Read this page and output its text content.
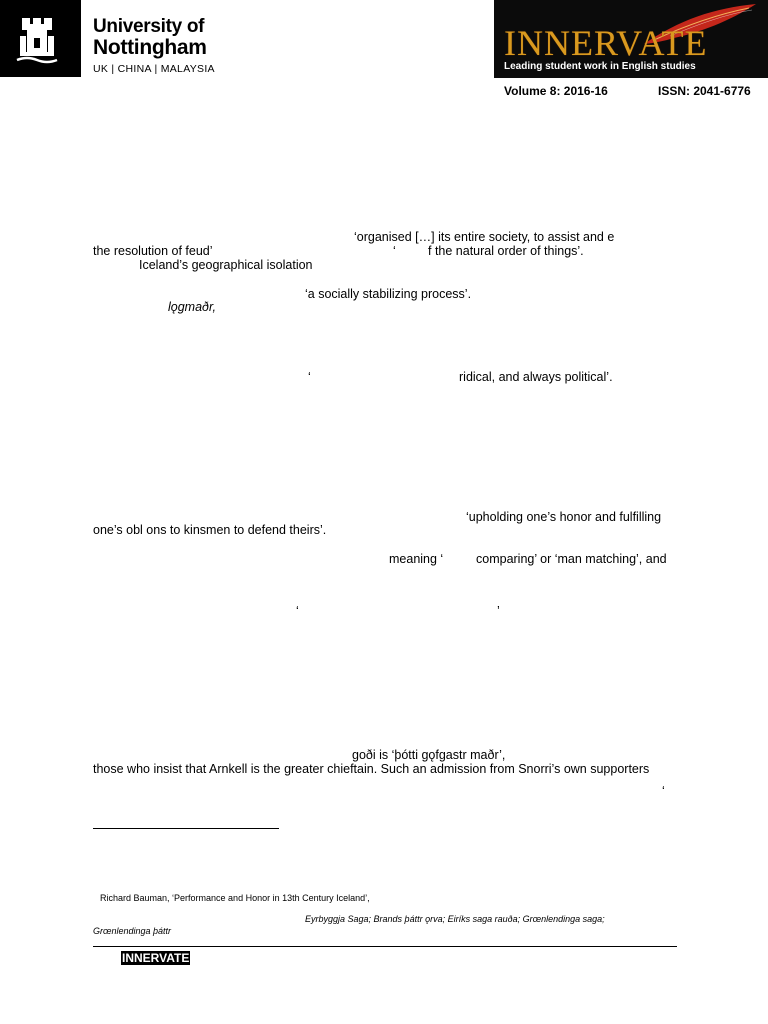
University of
Nottingham
UK | CHINA | MALAYSIA
INNERVATE
Leading student work in English studies
Volume 8: 2016-16	ISSN: 2041-6776
‘organised […] its entire society, to assist and e
the resolution of feud’	‘	f the natural order of things’.
Iceland’s geographical isolation
‘a socially stabilizing process’.
lǫgmaðr,
‘	ridical, and always political’.
‘upholding one’s honor and fulfilling
one’s obl ons to kinsmen to defend theirs’.
meaning ‘	comparing’ or ‘man matching’, and
‘	’
goði is ‘þótti gǫfgastr maðr’,
those who insist that Arnkell is the greater chieftain. Such an admission from Snorri’s own supporters
‘
Richard Bauman, ‘Performance and Honor in 13th Century Iceland’,
Eyrbyggja Saga; Brands þáttr ǫrva; Eiríks saga rauða; Grœnlendinga saga;
Grœnlendinga þáttr
INNERVATE
